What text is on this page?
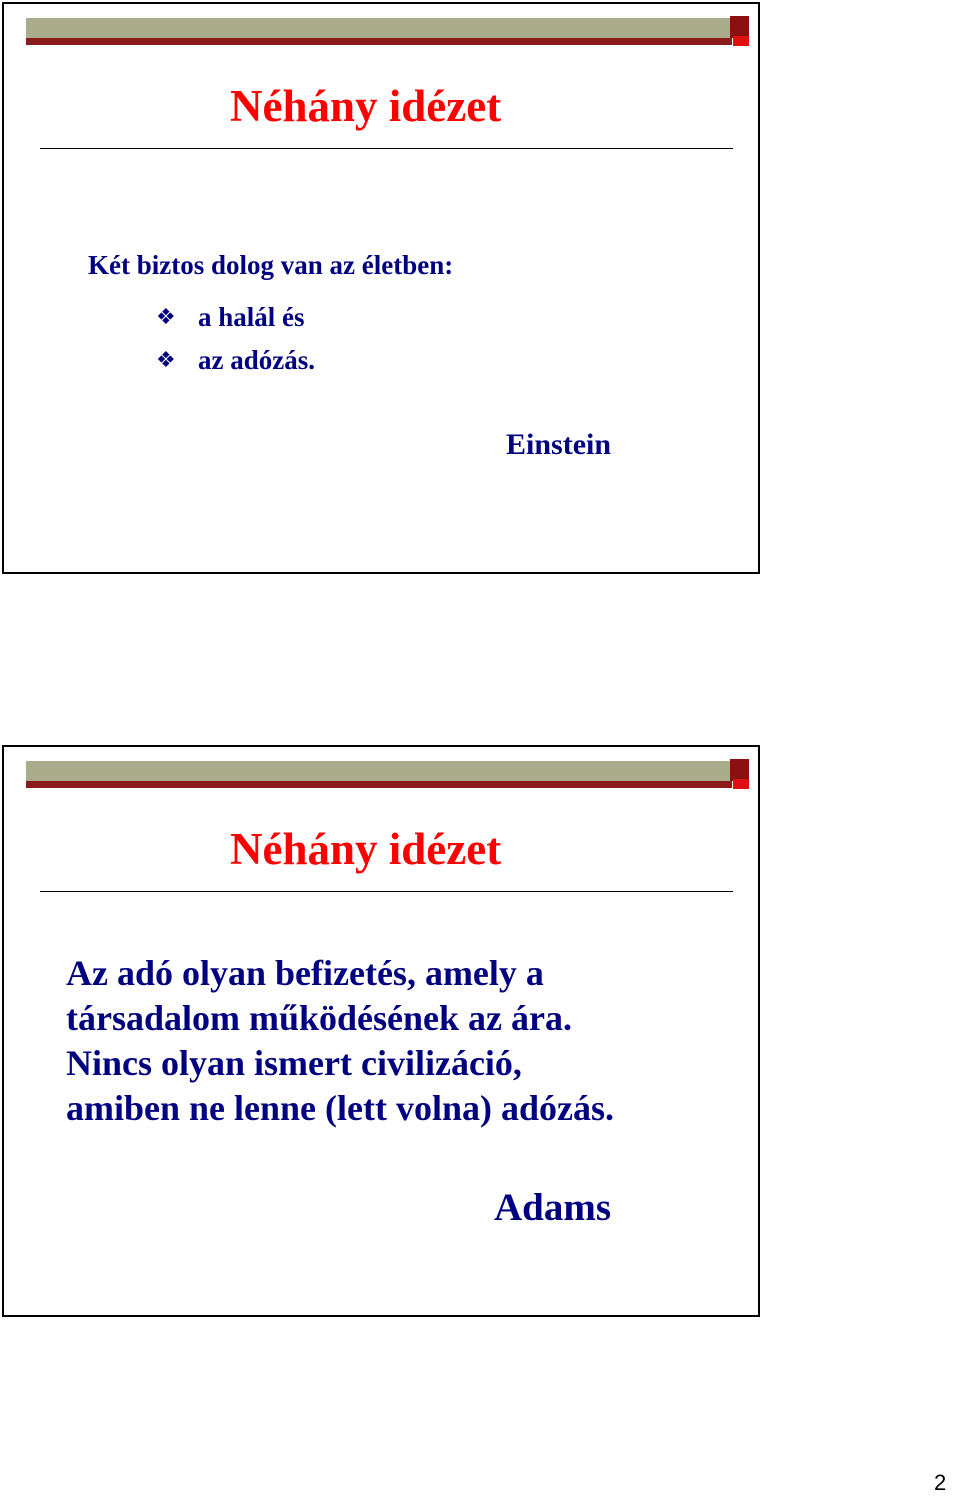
Néhány idézet

Két biztos dolog van az életben:

❖ a halál és
❖ az adózás.

Einstein

Néhány idézet

Az adó olyan befizetés, amely a
társadalom működésének az ára.
Nincs olyan ismert civilizáció,
amiben ne lenne (lett volna) adózás.

Adams

2
